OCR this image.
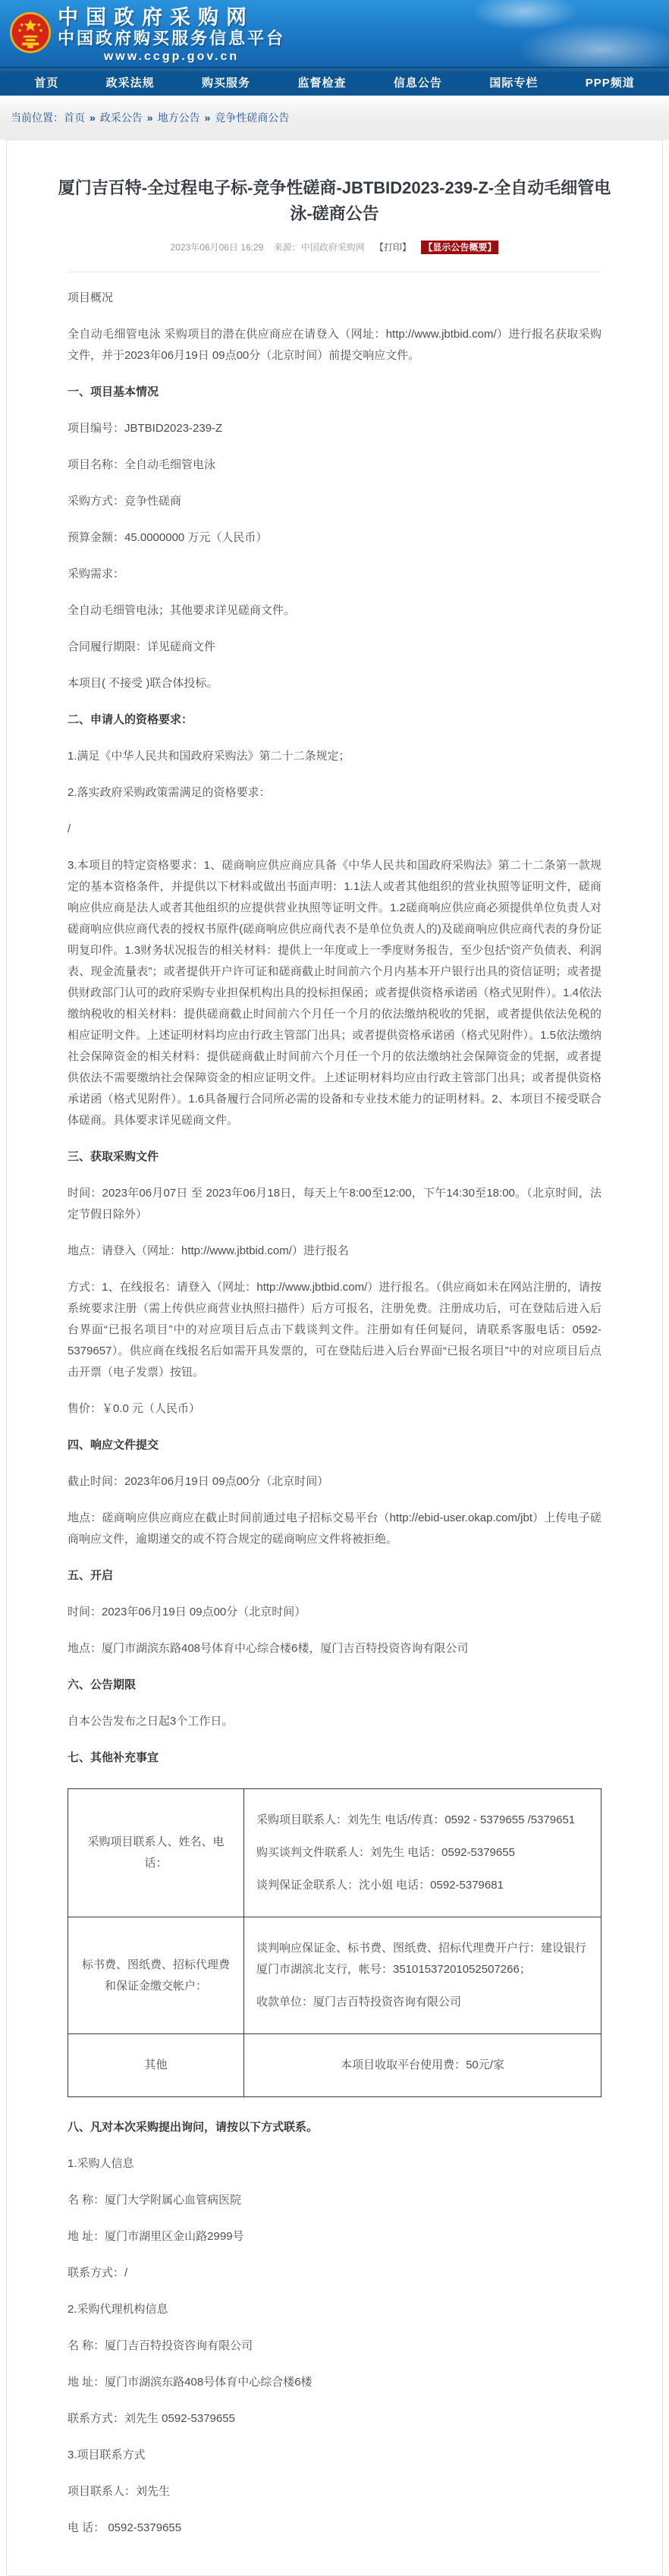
中国政府采购网
中国政府购买服务信息平台
www.ccgp.gov.cn
首页	政采法规	购买服务	监督检查	信息公告	国际专栏	PPP频道
当前位置： 首页 » 政采公告 » 地方公告 » 竞争性磋商公告
厦门吉百特-全过程电子标-竞争性磋商-JBTBID2023-239-Z-全自动毛细管电泳-磋商公告
2023年06月06日 16:29 来源：中国政府采购网 【打印】 【显示公告概要】

项目概况

全自动毛细管电泳 采购项目的潜在供应商应在请登入（网址：http://www.jbtbid.com/）进行报名获取采购文件，并于2023年06月19日 09点00分（北京时间）前提交响应文件。

一、项目基本情况

项目编号：JBTBID2023-239-Z

项目名称：全自动毛细管电泳

采购方式：竞争性磋商

预算金额：45.0000000 万元（人民币）

采购需求：

全自动毛细管电泳；其他要求详见磋商文件。

合同履行期限：详见磋商文件

本项目( 不接受 )联合体投标。

二、申请人的资格要求：

1.满足《中华人民共和国政府采购法》第二十二条规定；

2.落实政府采购政策需满足的资格要求：

/

3.本项目的特定资格要求：1、磋商响应供应商应具备《中华人民共和国政府采购法》第二十二条第一款规定的基本资格条件，并提供以下材料或做出书面声明：1.1法人或者其他组织的营业执照等证明文件，磋商响应供应商是法人或者其他组织的应提供营业执照等证明文件。1.2磋商响应供应商必须提供单位负责人对磋商响应供应商代表的授权书原件(磋商响应供应商代表不是单位负责人的)及磋商响应供应商代表的身份证明复印件。1.3财务状况报告的相关材料：提供上一年度或上一季度财务报告，至少包括“资产负债表、利润表、现金流量表”；或者提供开户许可证和磋商截止时间前六个月内基本开户银行出具的资信证明；或者提供财政部门认可的政府采购专业担保机构出具的投标担保函；或者提供资格承诺函（格式见附件）。1.4依法缴纳税收的相关材料：提供磋商截止时间前六个月任一个月的依法缴纳税收的凭据，或者提供依法免税的相应证明文件。上述证明材料均应由行政主管部门出具；或者提供资格承诺函（格式见附件）。1.5依法缴纳社会保障资金的相关材料：提供磋商截止时间前六个月任一个月的依法缴纳社会保障资金的凭据，或者提供依法不需要缴纳社会保障资金的相应证明文件。上述证明材料均应由行政主管部门出具；或者提供资格承诺函（格式见附件）。1.6具备履行合同所必需的设备和专业技术能力的证明材料。2、本项目不接受联合体磋商。具体要求详见磋商文件。

三、获取采购文件

时间：2023年06月07日 至 2023年06月18日，每天上午8:00至12:00，下午14:30至18:00。（北京时间，法定节假日除外）

地点：请登入（网址：http://www.jbtbid.com/）进行报名

方式：1、在线报名：请登入（网址：http://www.jbtbid.com/）进行报名。（供应商如未在网站注册的，请按系统要求注册（需上传供应商营业执照扫描件）后方可报名，注册免费。注册成功后，可在登陆后进入后台界面“已报名项目”中的对应项目后点击下载谈判文件。注册如有任何疑问，请联系客服电话：0592-5379657）。供应商在线报名后如需开具发票的，可在登陆后进入后台界面“已报名项目”中的对应项目后点击开票（电子发票）按钮。

售价：￥0.0 元（人民币）

四、响应文件提交

截止时间：2023年06月19日 09点00分（北京时间）

地点：磋商响应供应商应在截止时间前通过电子招标交易平台（http://ebid-user.okap.com/jbt）上传电子磋商响应文件，逾期递交的或不符合规定的磋商响应文件将被拒绝。

五、开启

时间：2023年06月19日 09点00分（北京时间）

地点：厦门市湖滨东路408号体育中心综合楼6楼，厦门吉百特投资咨询有限公司

六、公告期限

自本公告发布之日起3个工作日。

七、其他补充事宜

采购项目联系人、姓名、电话：	采购项目联系人：刘先生 电话/传真：0592 - 5379655 /5379651

购买谈判文件联系人：刘先生 电话：0592-5379655

谈判保证金联系人：沈小姐 电话：0592-5379681

标书费、图纸费、招标代理费和保证金缴交帐户：	谈判响应保证金、标书费、图纸费、招标代理费开户行：建设银行厦门市湖滨北支行，帐号：35101537201052507266；

收款单位：厦门吉百特投资咨询有限公司

其他	本项目收取平台使用费：50元/家

八、凡对本次采购提出询问，请按以下方式联系。

1.采购人信息

名 称：厦门大学附属心血管病医院

地 址：厦门市湖里区金山路2999号

联系方式：/

2.采购代理机构信息

名 称：厦门吉百特投资咨询有限公司

地 址：厦门市湖滨东路408号体育中心综合楼6楼

联系方式：刘先生 0592-5379655

3.项目联系方式

项目联系人：刘先生

电 话： 0592-5379655
